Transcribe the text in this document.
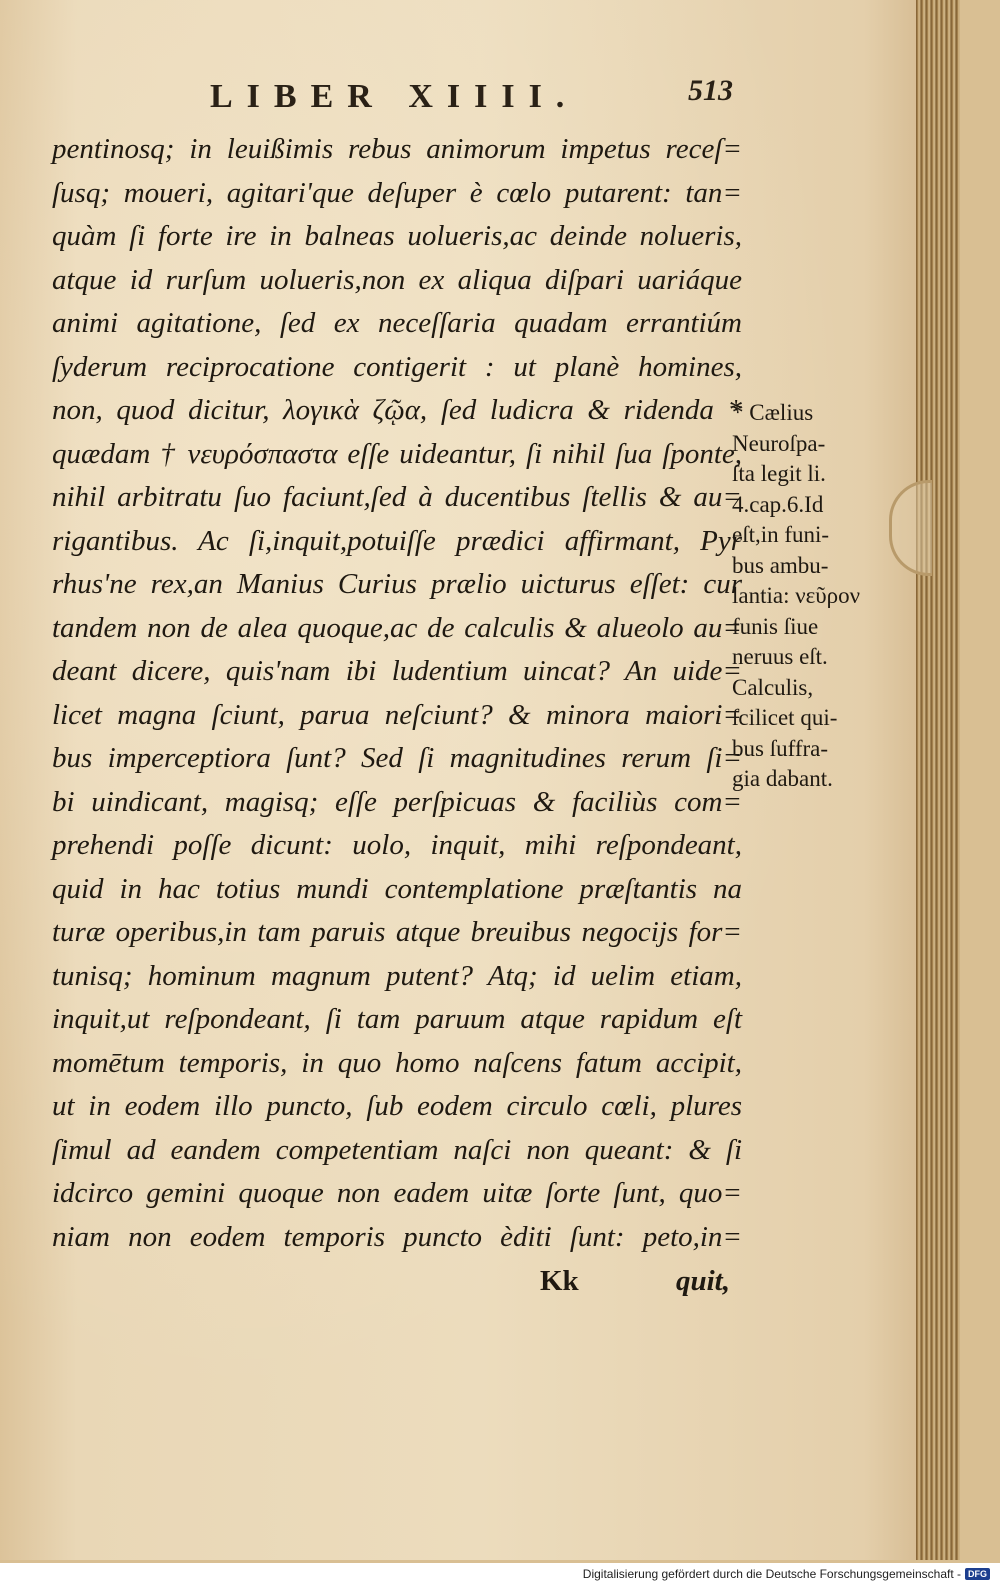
LIBER XIIII.	513
pentinosq; in leuißimis rebus animorum impetus receſ=
ſusq; moueri, agitari'que deſuper è cœlo putarent: tan=
quàm ſi forte ire in balneas uolueris,ac deinde nolueris,
atque id rurſum uolueris,non ex aliqua diſpari uariáque
animi agitatione, ſed ex neceſſaria quadam errantiúm
ſyderum reciprocatione contigerit : ut planè homines,
non, quod dicitur, λογικὰ ζῷα, ſed ludicra & ridenda *
quædam † νευρόσπαστα eſſe uideantur, ſi nihil ſua ſponte,
nihil arbitratu ſuo faciunt,ſed à ducentibus ſtellis & au=
rigantibus. Ac ſi,inquit,potuiſſe prædici affirmant, Pyr
rhus'ne rex,an Manius Curius prælio uicturus eſſet: cur
tandem non de alea quoque,ac de calculis & alueolo au=
deant dicere, quis'nam ibi ludentium uincat? An uide=
licet magna ſciunt, parua neſciunt? & minora maiori=
bus imperceptiora ſunt? Sed ſi magnitudines rerum ſi=
bi uindicant, magisq; eſſe perſpicuas & faciliùs com=
prehendi poſſe dicunt: uolo, inquit, mihi reſpondeant,
quid in hac totius mundi contemplatione præſtantis na
turæ operibus,in tam paruis atque breuibus negocijs for=
tunisq; hominum magnum putent? Atq; id uelim etiam,
inquit,ut reſpondeant, ſi tam paruum atque rapidum eſt
momētum temporis, in quo homo naſcens fatum accipit,
ut in eodem illo puncto, ſub eodem circulo cœli, plures
ſimul ad eandem competentiam naſci non queant: & ſi
idcirco gemini quoque non eadem uitæ ſorte ſunt, quo=
niam non eodem temporis puncto èditi ſunt: peto,in=
* Cælius
Neuroſpa-
ſta legit li.
4.cap.6.Id
eſt,in funi-
bus ambu-
lantia: νεῦρον
funis ſiue
neruus eſt.
Calculis,
ſcilicet qui-
bus ſuffra-
gia dabant.
Kk	quit,
Digitalisierung gefördert durch die Deutsche Forschungsgemeinschaft - DFG
